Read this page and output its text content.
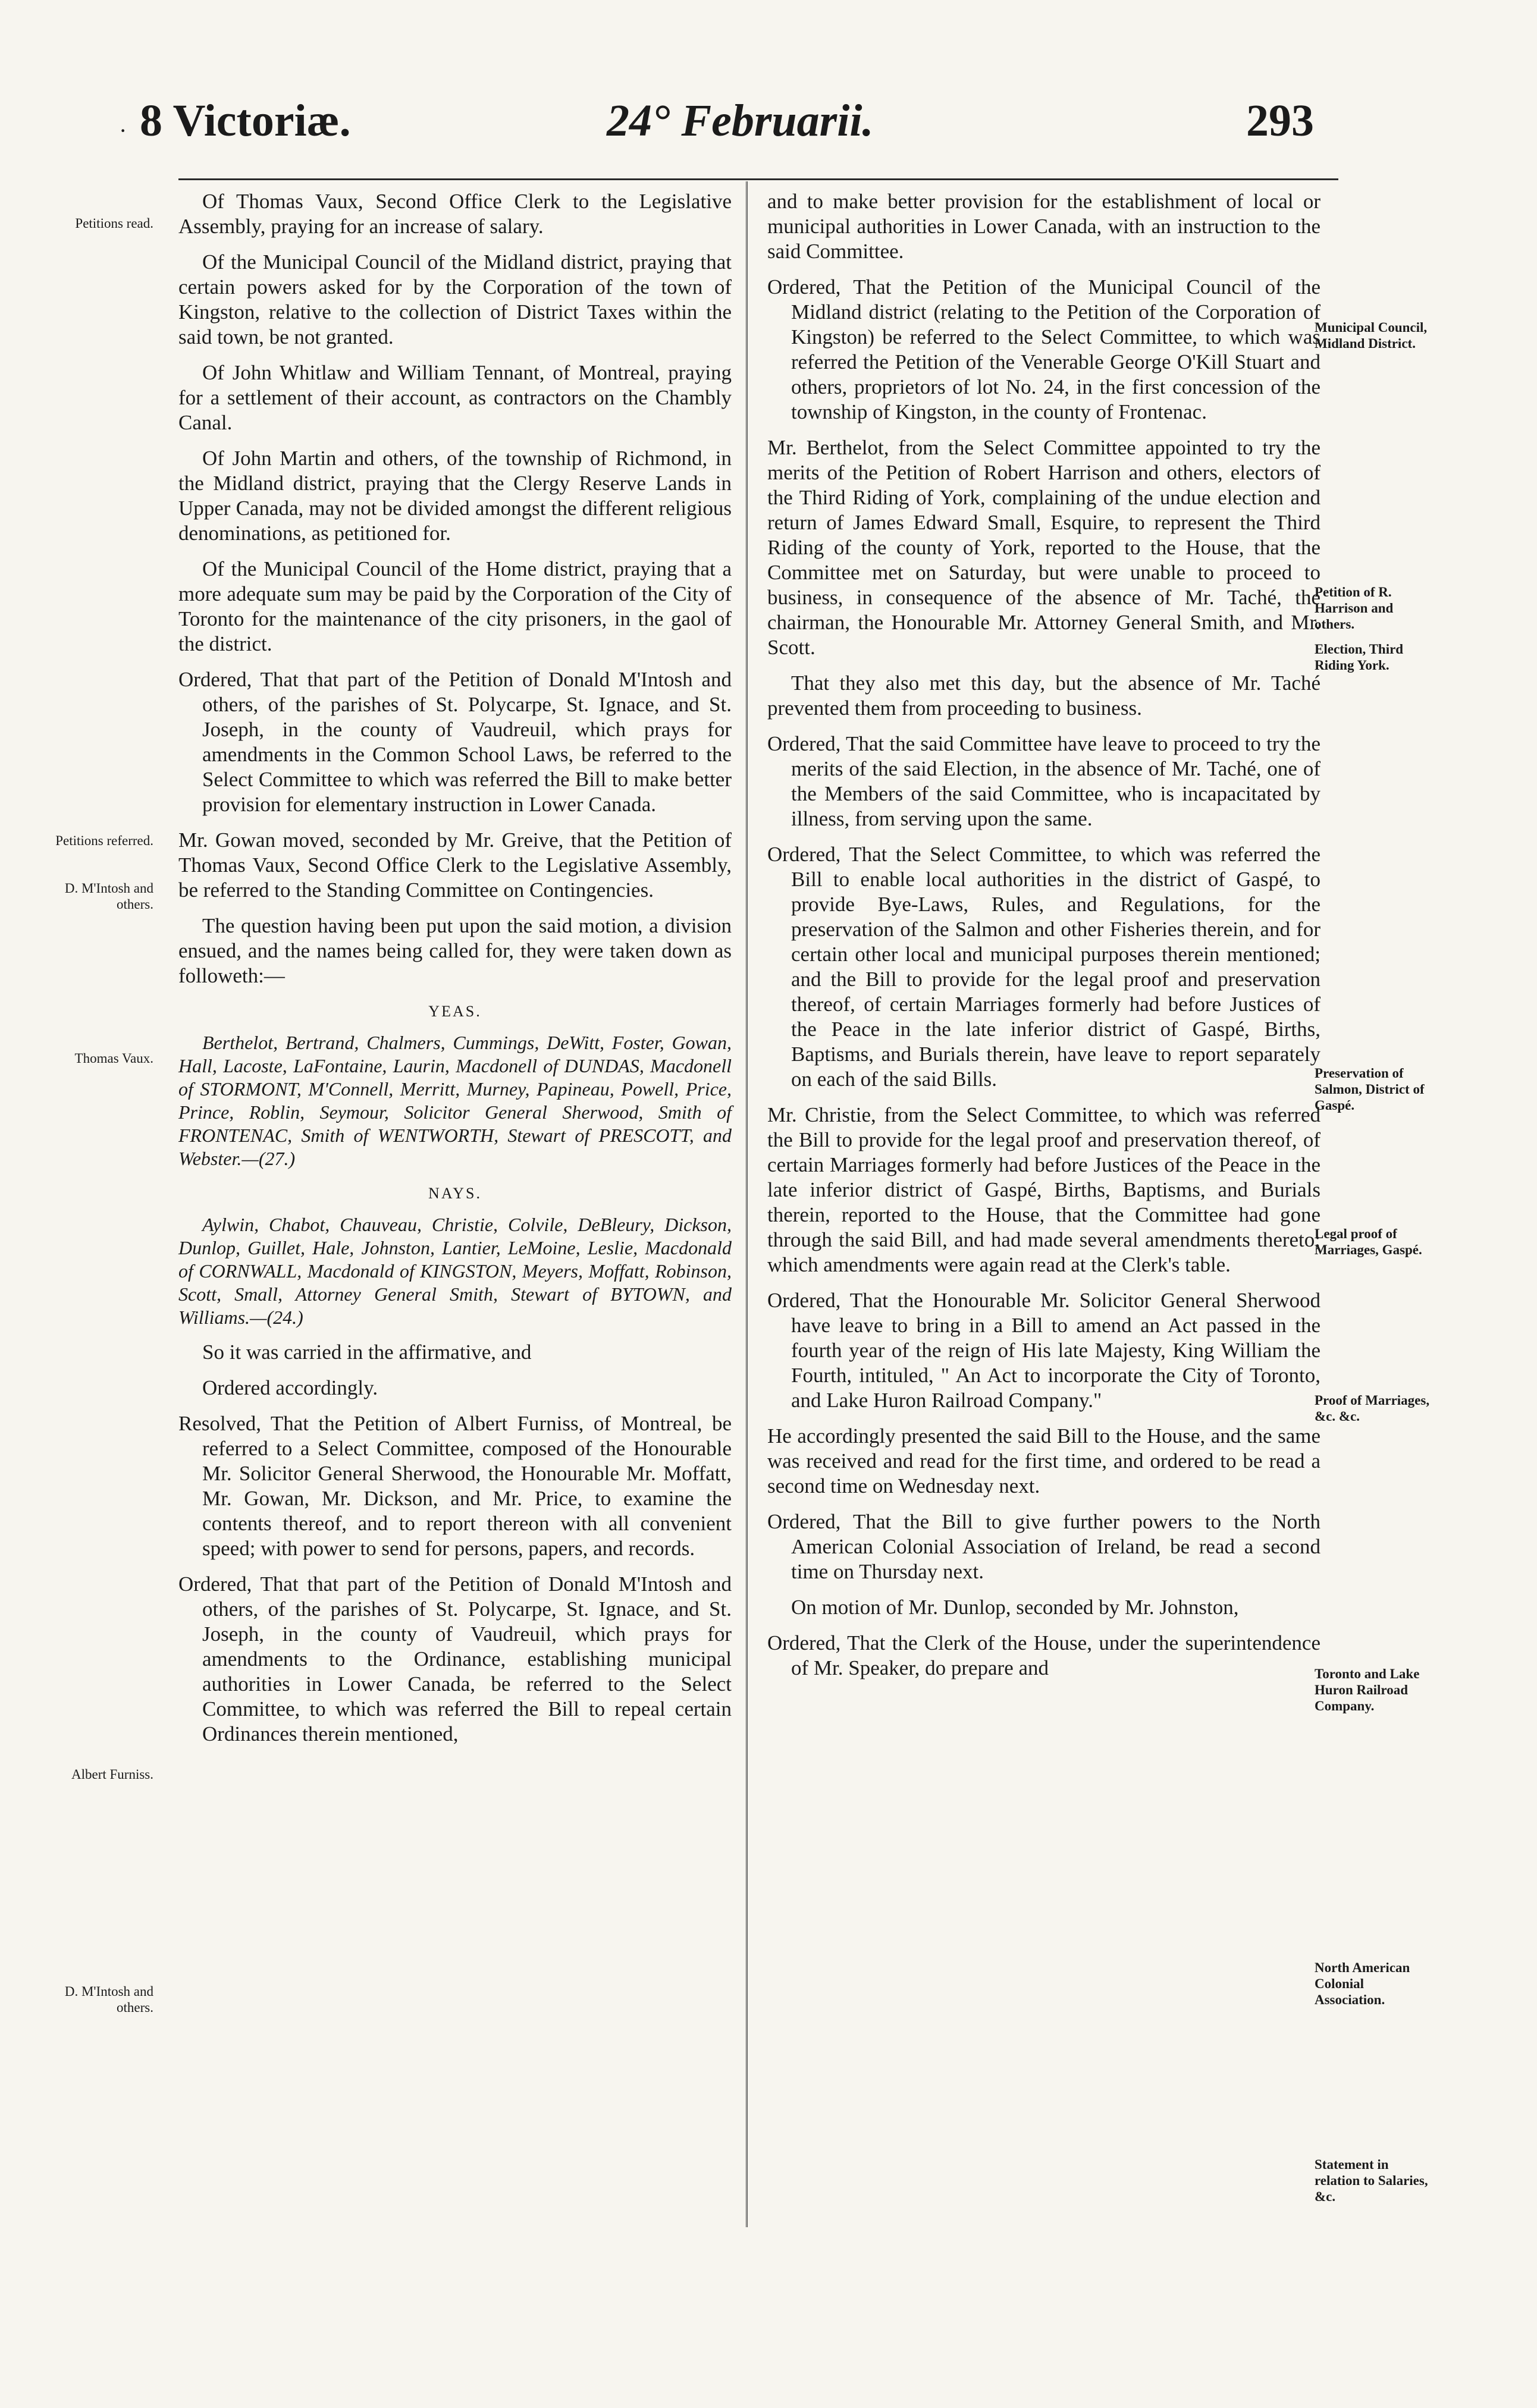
· 8 Victoriæ.	24° Februarii.	293

Of Thomas Vaux, Second Office Clerk to the Legislative Assembly, praying for an increase of salary.

Of the Municipal Council of the Midland district, praying that certain powers asked for by the Corporation of the town of Kingston, relative to the collection of District Taxes within the said town, be not granted.

Of John Whitlaw and William Tennant, of Montreal, praying for a settlement of their account, as contractors on the Chambly Canal.

Of John Martin and others, of the township of Richmond, in the Midland district, praying that the Clergy Reserve Lands in Upper Canada, may not be divided amongst the different religious denominations, as petitioned for.

Of the Municipal Council of the Home district, praying that a more adequate sum may be paid by the Corporation of the City of Toronto for the maintenance of the city prisoners, in the gaol of the district.

Ordered, That that part of the Petition of Donald M'Intosh and others, of the parishes of St. Polycarpe, St. Ignace, and St. Joseph, in the county of Vaudreuil, which prays for amendments in the Common School Laws, be referred to the Select Committee to which was referred the Bill to make better provision for elementary instruction in Lower Canada.

Mr. Gowan moved, seconded by Mr. Greive, that the Petition of Thomas Vaux, Second Office Clerk to the Legislative Assembly, be referred to the Standing Committee on Contingencies.

The question having been put upon the said motion, a division ensued, and the names being called for, they were taken down as followeth:—

YEAS.

Berthelot, Bertrand, Chalmers, Cummings, DeWitt, Foster, Gowan, Hall, Lacoste, LaFontaine, Laurin, Macdonell of DUNDAS, Macdonell of STORMONT, M'Connell, Merritt, Murney, Papineau, Powell, Price, Prince, Roblin, Seymour, Solicitor General Sherwood, Smith of FRONTENAC, Smith of WENTWORTH, Stewart of PRESCOTT, and Webster.—(27.)

NAYS.

Aylwin, Chabot, Chauveau, Christie, Colvile, DeBleury, Dickson, Dunlop, Guillet, Hale, Johnston, Lantier, LeMoine, Leslie, Macdonald of CORNWALL, Macdonald of KINGSTON, Meyers, Moffatt, Robinson, Scott, Small, Attorney General Smith, Stewart of BYTOWN, and Williams.—(24.)

So it was carried in the affirmative, and

Ordered accordingly.

Resolved, That the Petition of Albert Furniss, of Montreal, be referred to a Select Committee, composed of the Honourable Mr. Solicitor General Sherwood, the Honourable Mr. Moffatt, Mr. Gowan, Mr. Dickson, and Mr. Price, to examine the contents thereof, and to report thereon with all convenient speed; with power to send for persons, papers, and records.

Ordered, That that part of the Petition of Donald M'Intosh and others, of the parishes of St. Polycarpe, St. Ignace, and St. Joseph, in the county of Vaudreuil, which prays for amendments to the Ordinance, establishing municipal authorities in Lower Canada, be referred to the Select Committee, to which was referred the Bill to repeal certain Ordinances therein mentioned,

and to make better provision for the establishment of local or municipal authorities in Lower Canada, with an instruction to the said Committee.

Ordered, That the Petition of the Municipal Council of the Midland district (relating to the Petition of the Corporation of Kingston) be referred to the Select Committee, to which was referred the Petition of the Venerable George O'Kill Stuart and others, proprietors of lot No. 24, in the first concession of the township of Kingston, in the county of Frontenac.

Mr. Berthelot, from the Select Committee appointed to try the merits of the Petition of Robert Harrison and others, electors of the Third Riding of York, complaining of the undue election and return of James Edward Small, Esquire, to represent the Third Riding of the county of York, reported to the House, that the Committee met on Saturday, but were unable to proceed to business, in consequence of the absence of Mr. Taché, the chairman, the Honourable Mr. Attorney General Smith, and Mr. Scott.

That they also met this day, but the absence of Mr. Taché prevented them from proceeding to business.

Ordered, That the said Committee have leave to proceed to try the merits of the said Election, in the absence of Mr. Taché, one of the Members of the said Committee, who is incapacitated by illness, from serving upon the same.

Ordered, That the Select Committee, to which was referred the Bill to enable local authorities in the district of Gaspé, to provide Bye-Laws, Rules, and Regulations, for the preservation of the Salmon and other Fisheries therein, and for certain other local and municipal purposes therein mentioned; and the Bill to provide for the legal proof and preservation thereof, of certain Marriages formerly had before Justices of the Peace in the late inferior district of Gaspé, Births, Baptisms, and Burials therein, have leave to report separately on each of the said Bills.

Mr. Christie, from the Select Committee, to which was referred the Bill to provide for the legal proof and preservation thereof, of certain Marriages formerly had before Justices of the Peace in the late inferior district of Gaspé, Births, Baptisms, and Burials therein, reported to the House, that the Committee had gone through the said Bill, and had made several amendments thereto; which amendments were again read at the Clerk's table.

Ordered, That the Honourable Mr. Solicitor General Sherwood have leave to bring in a Bill to amend an Act passed in the fourth year of the reign of His late Majesty, King William the Fourth, intituled, " An Act to incorporate the City of Toronto, and Lake Huron Railroad Company."

He accordingly presented the said Bill to the House, and the same was received and read for the first time, and ordered to be read a second time on Wednesday next.

Ordered, That the Bill to give further powers to the North American Colonial Association of Ireland, be read a second time on Thursday next.

On motion of Mr. Dunlop, seconded by Mr. Johnston,

Ordered, That the Clerk of the House, under the superintendence of Mr. Speaker, do prepare and

Petitions read.
Petitions referred.
D. M'Intosh and others.
Thomas Vaux.
Albert Furniss.
D. M'Intosh and others.
Municipal Council, Midland District.
Petition of R. Harrison and others.
Election, Third Riding York.
Preservation of Salmon, District of Gaspé.
Legal proof of Marriages, Gaspé.
Proof of Marriages, &c. &c.
Toronto and Lake Huron Railroad Company.
North American Colonial Association.
Statement in relation to Salaries, &c.
